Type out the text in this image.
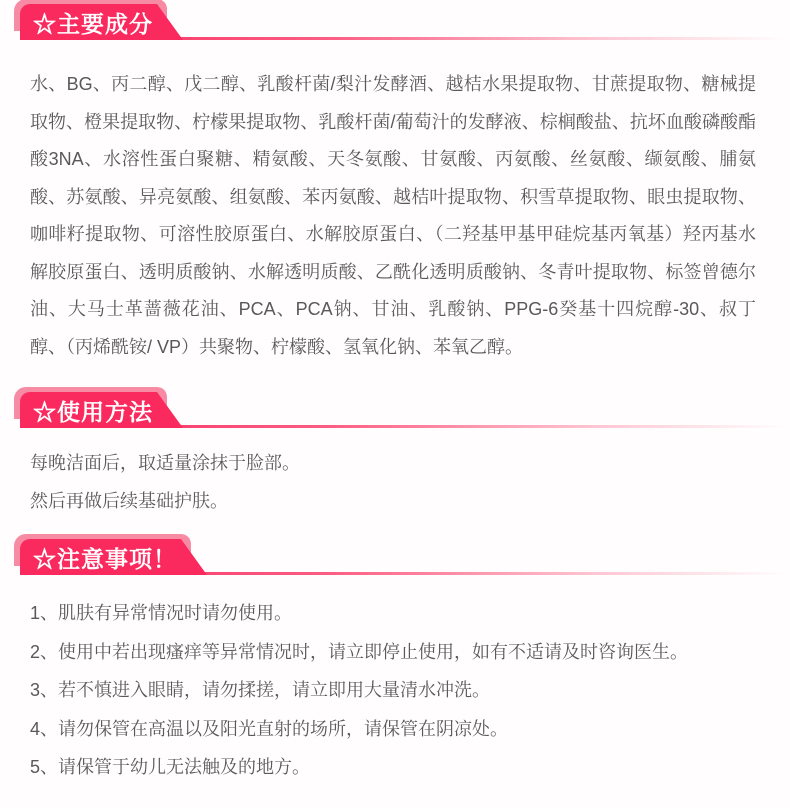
☆主要成分
水、BG、丙二醇、戊二醇、乳酸杆菌/梨汁发酵酒、越桔水果提取物、甘蔗提取物、糖械提取物、橙果提取物、柠檬果提取物、乳酸杆菌/葡萄汁的发酵液、棕榈酸盐、抗坏血酸磷酸酯酸3NA、水溶性蛋白聚糖、精氨酸、天冬氨酸、甘氨酸、丙氨酸、丝氨酸、缬氨酸、脯氨酸、苏氨酸、异亮氨酸、组氨酸、苯丙氨酸、越桔叶提取物、积雪草提取物、眼虫提取物、咖啡籽提取物、可溶性胶原蛋白、水解胶原蛋白、（二羟基甲基甲硅烷基丙氧基）羟丙基水解胶原蛋白、透明质酸钠、水解透明质酸、乙酰化透明质酸钠、冬青叶提取物、标签曾德尔油、大马士革蔷薇花油、PCA、PCA钠、甘油、乳酸钠、PPG-6癸基十四烷醇-30、叔丁醇、（丙烯酰铵/ VP）共聚物、柠檬酸、氢氧化钠、苯氧乙醇。
☆使用方法
每晚洁面后，取适量涂抹于脸部。
然后再做后续基础护肤。
☆注意事项！
1、肌肤有异常情况时请勿使用。
2、使用中若出现瘙痒等异常情况时，请立即停止使用，如有不适请及时咨询医生。
3、若不慎进入眼睛，请勿揉搓，请立即用大量清水冲洗。
4、请勿保管在高温以及阳光直射的场所，请保管在阴凉处。
5、请保管于幼儿无法触及的地方。
